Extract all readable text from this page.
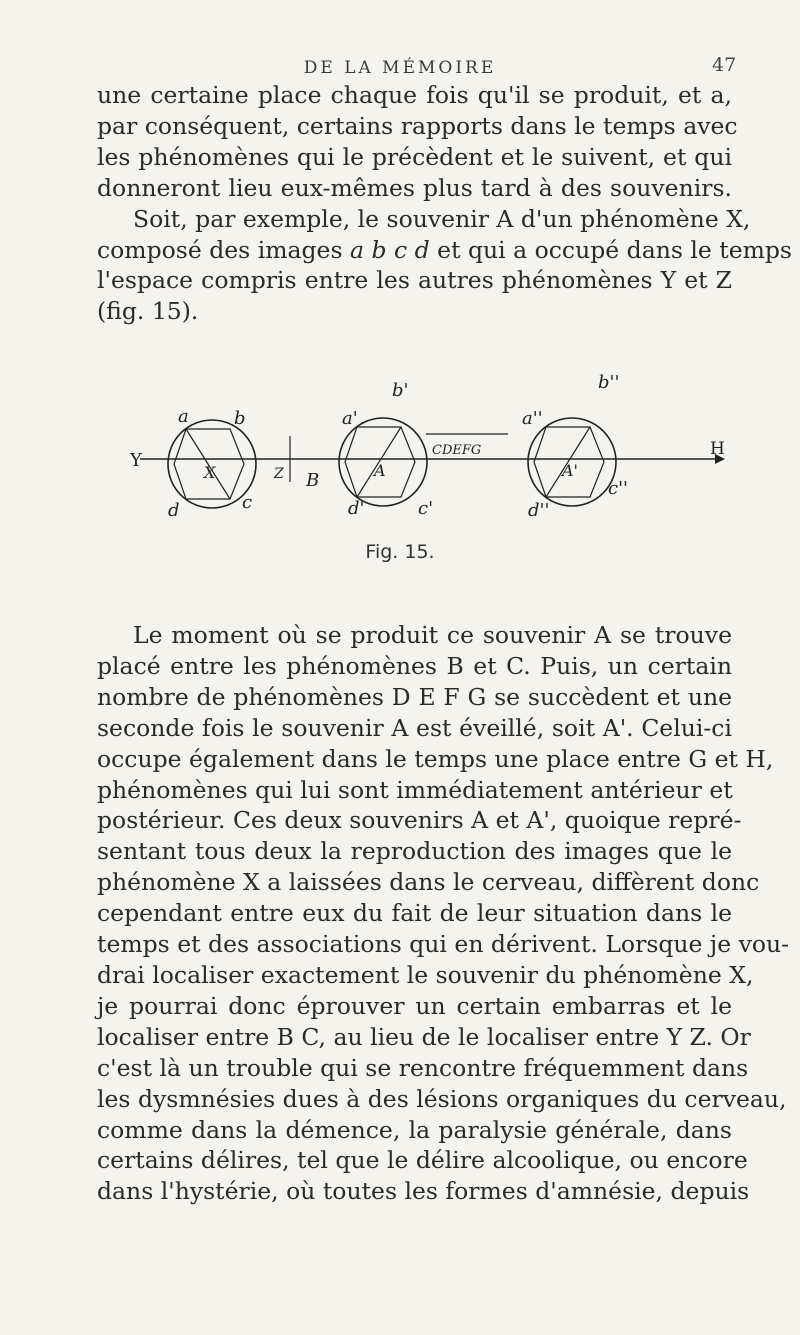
DE LA MÉMOIRE	47
une certaine place chaque fois qu'il se produit, et a,
par conséquent, certains rapports dans le temps avec
les phénomènes qui le précèdent et le suivent, et qui
donneront lieu eux-mêmes plus tard à des souvenirs.
Soit, par exemple, le souvenir A d'un phénomène X,
composé des images a b c d et qui a occupé dans le temps
l'espace compris entre les autres phénomènes Y et Z
(fig. 15).
Y
a	b
X
d	c
Z B
a'
b'
A
d'	c'
CDEFG
a''
b''
A'
d''
c''
H
Fig. 15.
Le moment où se produit ce souvenir A se trouve
placé entre les phénomènes B et C. Puis, un certain
nombre de phénomènes D E F G se succèdent et une
seconde fois le souvenir A est éveillé, soit A'. Celui-ci
occupe également dans le temps une place entre G et H,
phénomènes qui lui sont immédiatement antérieur et
postérieur. Ces deux souvenirs A et A', quoique repré-
sentant tous deux la reproduction des images que le
phénomène X a laissées dans le cerveau, diffèrent donc
cependant entre eux du fait de leur situation dans le
temps et des associations qui en dérivent. Lorsque je vou-
drai localiser exactement le souvenir du phénomène X,
je pourrai donc éprouver un certain embarras et le
localiser entre B C, au lieu de le localiser entre Y Z. Or
c'est là un trouble qui se rencontre fréquemment dans
les dysmnésies dues à des lésions organiques du cerveau,
comme dans la démence, la paralysie générale, dans
certains délires, tel que le délire alcoolique, ou encore
dans l'hystérie, où toutes les formes d'amnésie, depuis
